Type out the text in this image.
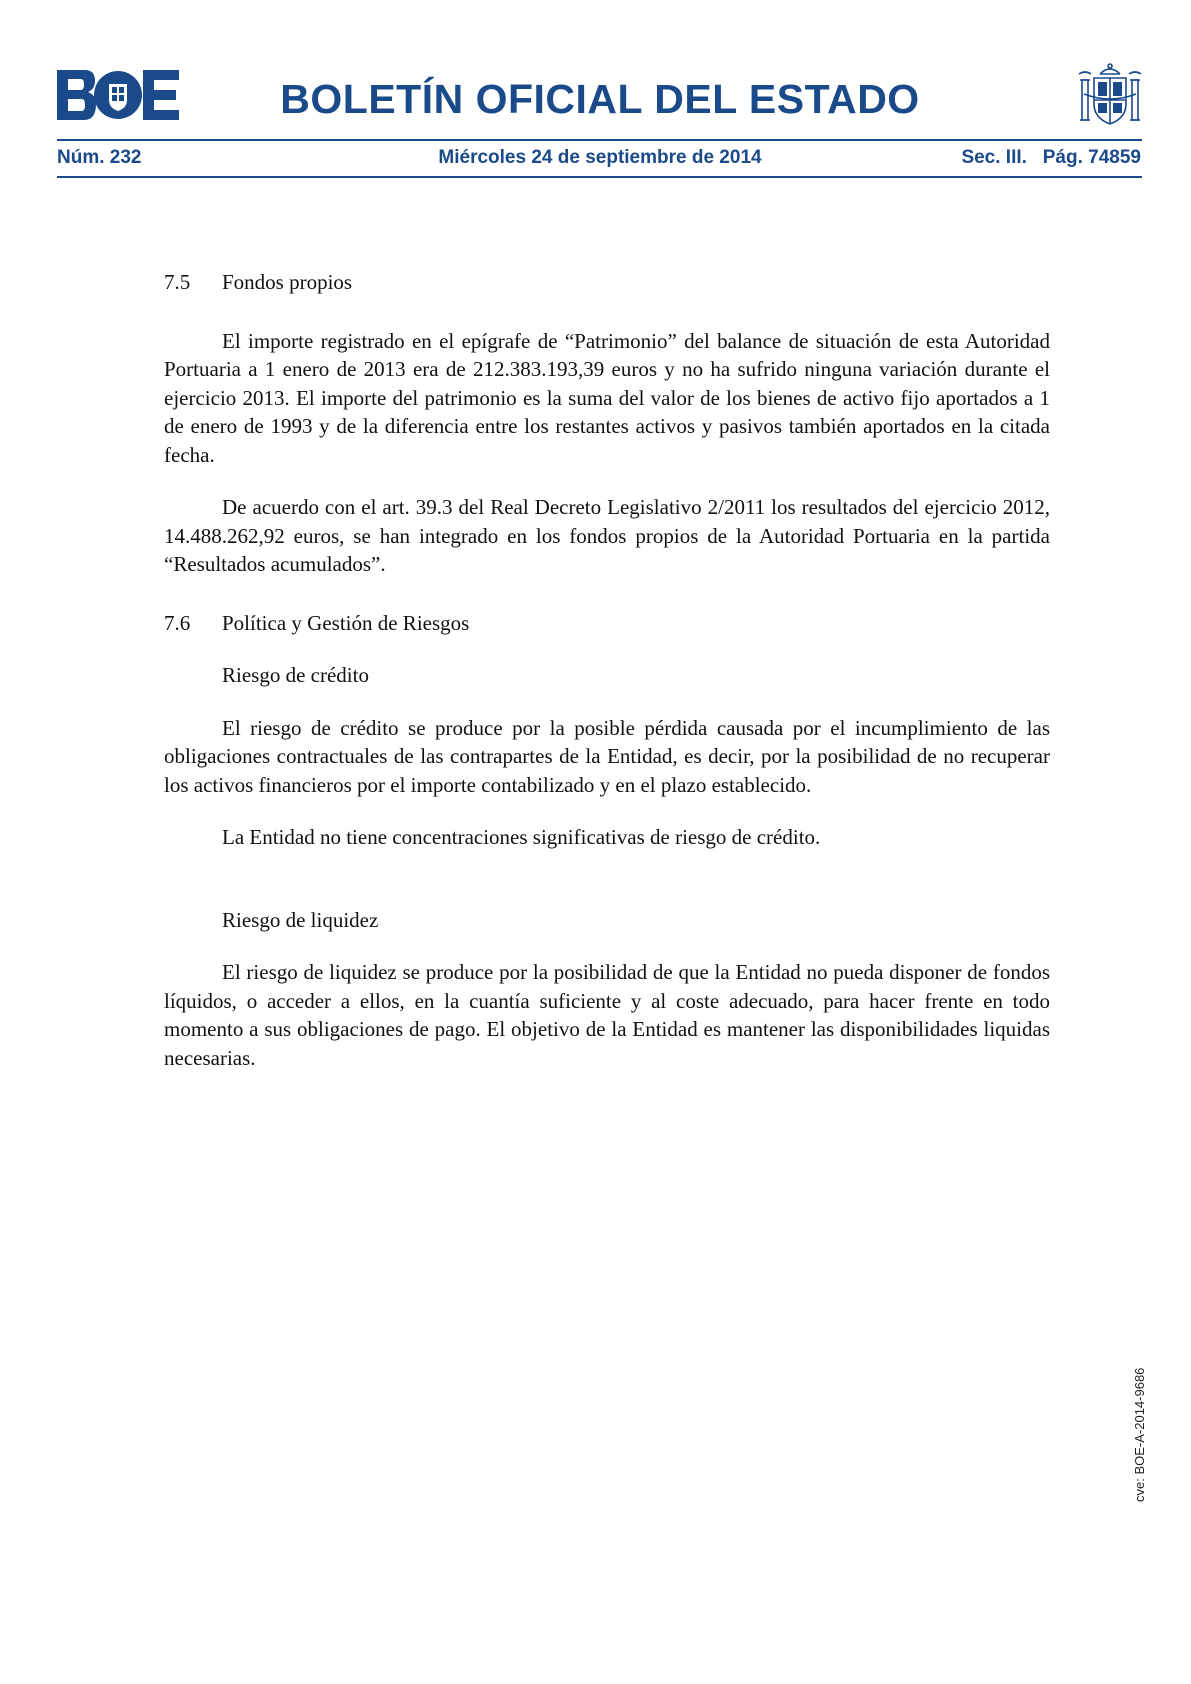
BOLETÍN OFICIAL DEL ESTADO
Núm. 232	Miércoles 24 de septiembre de 2014	Sec. III.   Pág. 74859

7.5	Fondos propios

El importe registrado en el epígrafe de “Patrimonio” del balance de situación de esta Autoridad Portuaria a 1 enero de 2013 era de 212.383.193,39 euros y no ha sufrido ninguna variación durante el ejercicio 2013. El importe del patrimonio es la suma del valor de los bienes de activo fijo aportados a 1 de enero de 1993 y de la diferencia entre los restantes activos y pasivos también aportados en la citada fecha.

De acuerdo con el art. 39.3 del Real Decreto Legislativo 2/2011 los resultados del ejercicio 2012, 14.488.262,92 euros, se han integrado en los fondos propios de la Autoridad Portuaria en la partida “Resultados acumulados”.

7.6	Política y Gestión de Riesgos

Riesgo de crédito

El riesgo de crédito se produce por la posible pérdida causada por el incumplimiento de las obligaciones contractuales de las contrapartes de la Entidad, es decir, por la posibilidad de no recuperar los activos financieros por el importe contabilizado y en el plazo establecido.

La Entidad no tiene concentraciones significativas de riesgo de crédito.

Riesgo de liquidez

El riesgo de liquidez se produce por la posibilidad de que la Entidad no pueda disponer de fondos líquidos, o acceder a ellos, en la cuantía suficiente y al coste adecuado, para hacer frente en todo momento a sus obligaciones de pago. El objetivo de la Entidad es mantener las disponibilidades liquidas necesarias.

cve: BOE-A-2014-9686
